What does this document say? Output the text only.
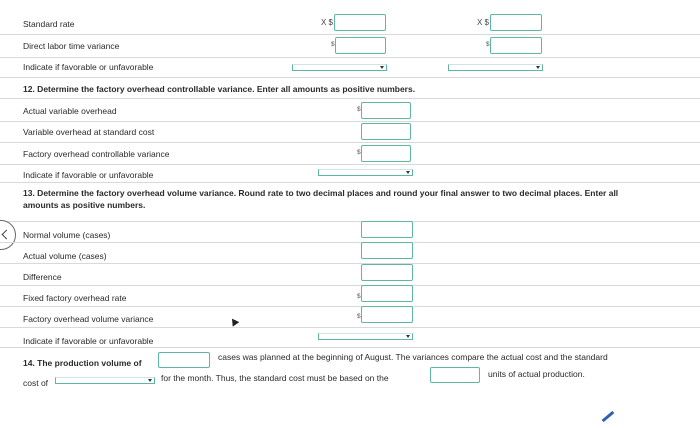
Standard rate	X $	X $
Direct labor time variance	$	$
Indicate if favorable or unfavorable
12. Determine the factory overhead controllable variance. Enter all amounts as positive numbers.
Actual variable overhead	$
Variable overhead at standard cost
Factory overhead controllable variance	$
Indicate if favorable or unfavorable
13. Determine the factory overhead volume variance. Round rate to two decimal places and round your final answer to two decimal places. Enter all
amounts as positive numbers.
Normal volume (cases)
Actual volume (cases)
Difference
Fixed factory overhead rate	$
Factory overhead volume variance	$
Indicate if favorable or unfavorable
14. The production volume of
cases was planned at the beginning of August. The variances compare the actual cost and the standard
cost of	for the month. Thus, the standard cost must be based on the	units of actual production.
